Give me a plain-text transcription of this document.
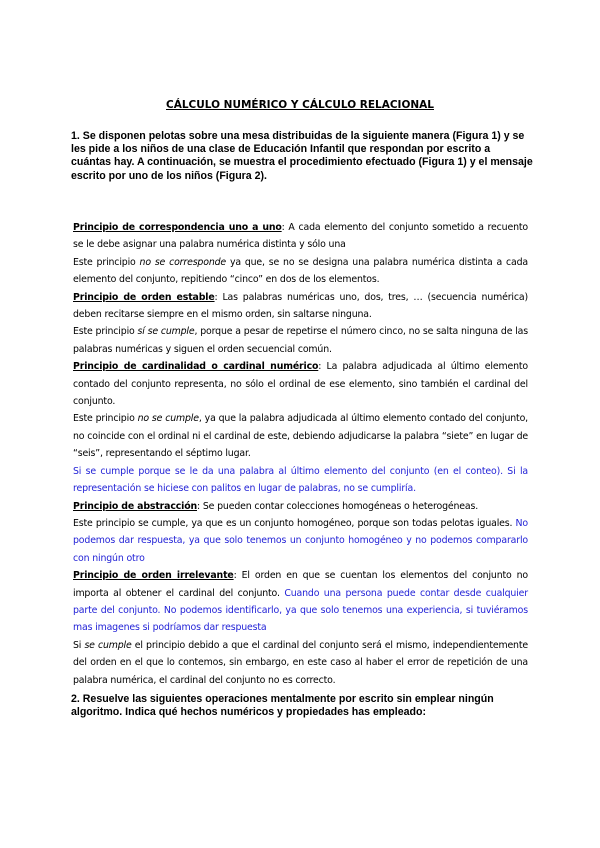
CÁLCULO NUMÉRICO Y CÁLCULO RELACIONAL
1. Se disponen pelotas sobre una mesa distribuidas de la siguiente manera (Figura 1) y se les pide a los niños de una clase de Educación Infantil que respondan por escrito a cuántas hay. A continuación, se muestra el procedimiento efectuado (Figura 1) y el mensaje escrito por uno de los niños (Figura 2).

Principio de correspondencia uno a uno: A cada elemento del conjunto sometido a recuento se le debe asignar una palabra numérica distinta y sólo una

Este principio no se corresponde ya que, se no se designa una palabra numérica distinta a cada elemento del conjunto, repitiendo “cinco” en dos de los elementos.

Principio de orden estable: Las palabras numéricas uno, dos, tres, … (secuencia numérica) deben recitarse siempre en el mismo orden, sin saltarse ninguna.

Este principio sí se cumple, porque a pesar de repetirse el número cinco, no se salta ninguna de las palabras numéricas y siguen el orden secuencial común.

Principio de cardinalidad o cardinal numérico: La palabra adjudicada al último elemento contado del conjunto representa, no sólo el ordinal de ese elemento, sino también el cardinal del conjunto.

Este principio no se cumple, ya que la palabra adjudicada al último elemento contado del conjunto, no coincide con el ordinal ni el cardinal de este, debiendo adjudicarse la palabra “siete” en lugar de “seis”, representando el séptimo lugar.

Si se cumple porque se le da una palabra al último elemento del conjunto (en el conteo). Si la representación se hiciese con palitos en lugar de palabras, no se cumpliría.

Principio de abstracción: Se pueden contar colecciones homogéneas o heterogéneas.

Este principio se cumple, ya que es un conjunto homogéneo, porque son todas pelotas iguales. No podemos dar respuesta, ya que solo tenemos un conjunto homogéneo y no podemos compararlo con ningún otro

Principio de orden irrelevante: El orden en que se cuentan los elementos del conjunto no importa al obtener el cardinal del conjunto. Cuando una persona puede contar desde cualquier parte del conjunto. No podemos identificarlo, ya que solo tenemos una experiencia, si tuviéramos mas imagenes si podríamos dar respuesta

Si se cumple el principio debido a que el cardinal del conjunto será el mismo, independientemente del orden en el que lo contemos, sin embargo, en este caso al haber el error de repetición de una palabra numérica, el cardinal del conjunto no es correcto.

2. Resuelve las siguientes operaciones mentalmente por escrito sin emplear ningún algoritmo. Indica qué hechos numéricos y propiedades has empleado:
